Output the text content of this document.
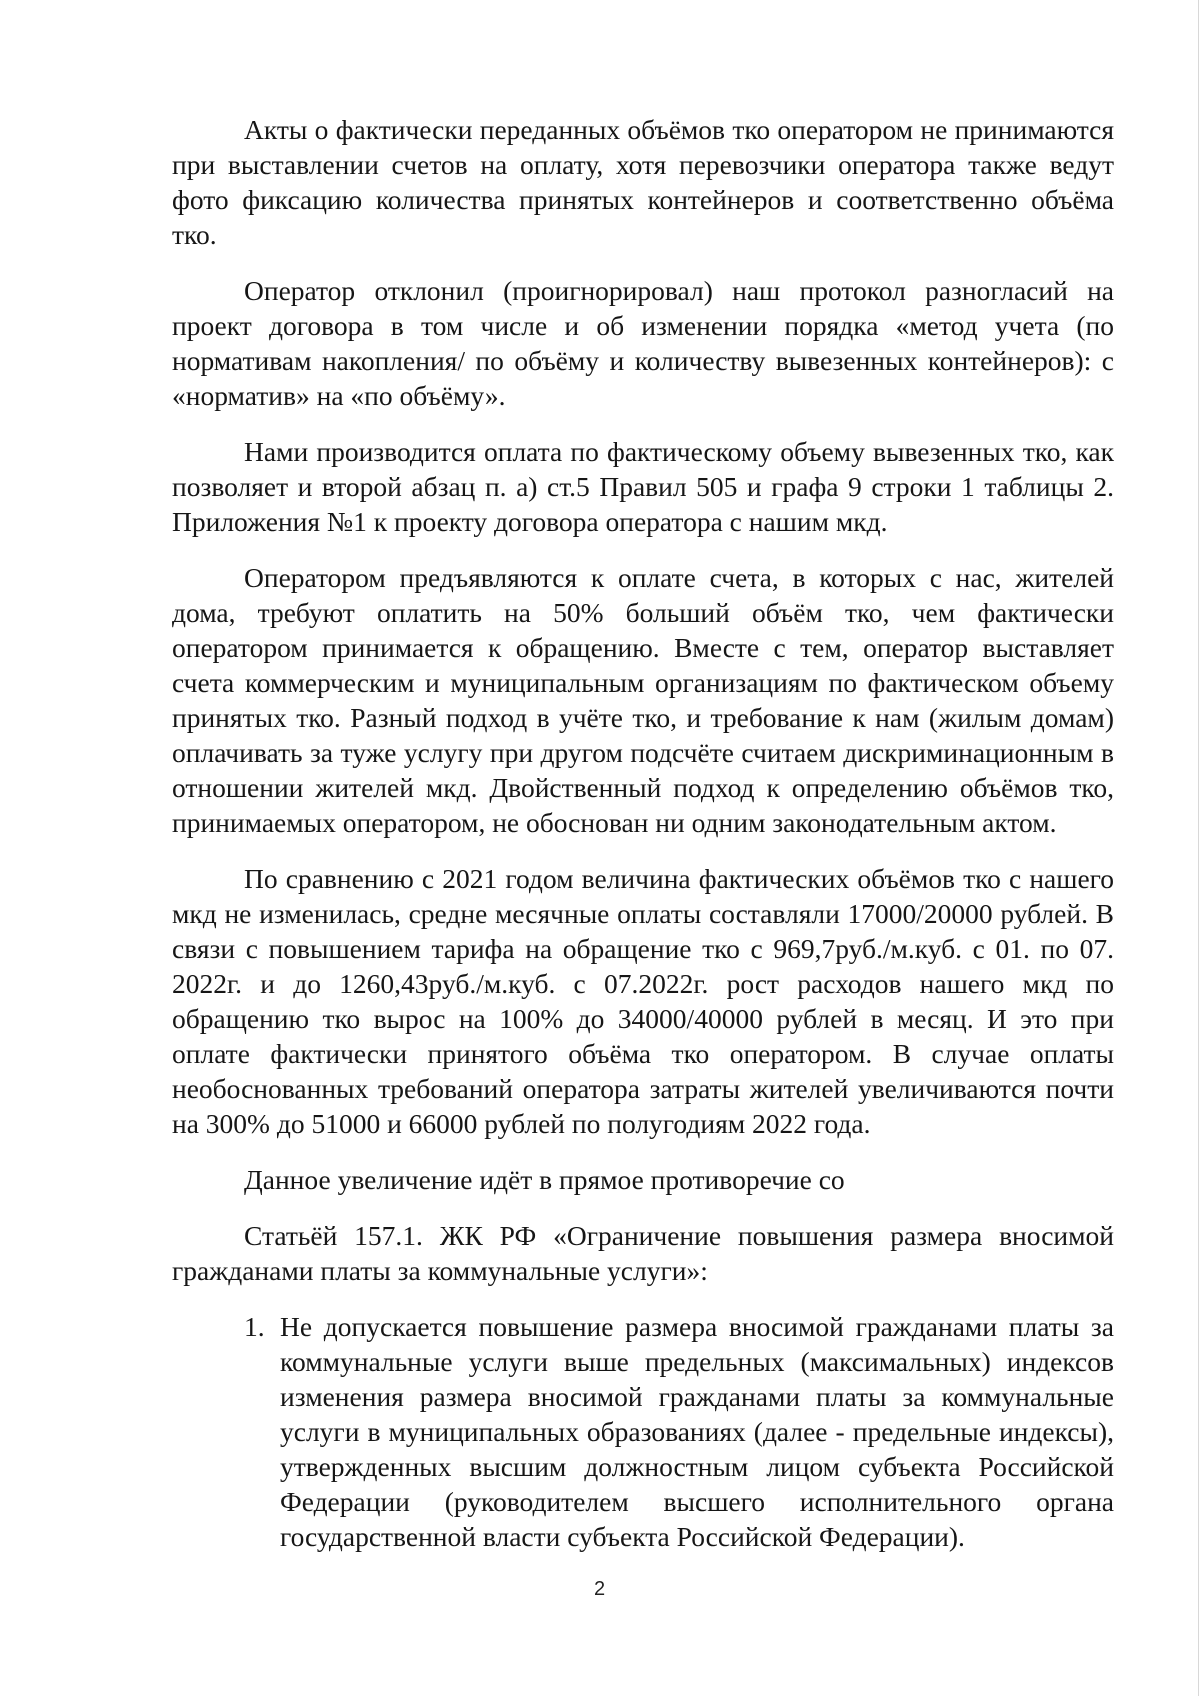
Акты о фактически переданных объёмов тко оператором не принимаются при выставлении счетов на оплату, хотя перевозчики оператора также ведут фото фиксацию количества принятых контейнеров и соответственно объёма тко.

Оператор отклонил (проигнорировал) наш протокол разногласий на проект договора в том числе и об изменении порядка «метод учета (по нормативам накопления/ по объёму и количеству вывезенных контейнеров): с «норматив» на «по объёму».

Нами производится оплата по фактическому объему вывезенных тко, как позволяет и второй абзац п. а) ст.5 Правил 505 и графа 9 строки 1 таблицы 2. Приложения №1 к проекту договора оператора с нашим мкд.

Оператором предъявляются к оплате счета, в которых с нас, жителей дома, требуют оплатить на 50% больший объём тко, чем фактически оператором принимается к обращению. Вместе с тем, оператор выставляет счета коммерческим и муниципальным организациям по фактическом объему принятых тко. Разный подход в учёте тко, и требование к нам (жилым домам) оплачивать за туже услугу при другом подсчёте считаем дискриминационным в отношении жителей мкд. Двойственный подход к определению объёмов тко, принимаемых оператором, не обоснован ни одним законодательным актом.

По сравнению с 2021 годом величина фактических объёмов тко с нашего мкд не изменилась, средне месячные оплаты составляли 17000/20000 рублей. В связи с повышением тарифа на обращение тко с 969,7руб./м.куб. с 01. по 07. 2022г. и до 1260,43руб./м.куб. с 07.2022г. рост расходов нашего мкд по обращению тко вырос на 100% до 34000/40000 рублей в месяц. И это при оплате фактически принятого объёма тко оператором. В случае оплаты необоснованных требований оператора затраты жителей увеличиваются почти на 300% до 51000 и 66000 рублей по полугодиям 2022 года.

Данное увеличение идёт в прямое противоречие со

Статьёй 157.1. ЖК РФ «Ограничение повышения размера вносимой гражданами платы за коммунальные услуги»:

1. Не допускается повышение размера вносимой гражданами платы за коммунальные услуги выше предельных (максимальных) индексов изменения размера вносимой гражданами платы за коммунальные услуги в муниципальных образованиях (далее - предельные индексы), утвержденных высшим должностным лицом субъекта Российской Федерации (руководителем высшего исполнительного органа государственной власти субъекта Российской Федерации).
2
